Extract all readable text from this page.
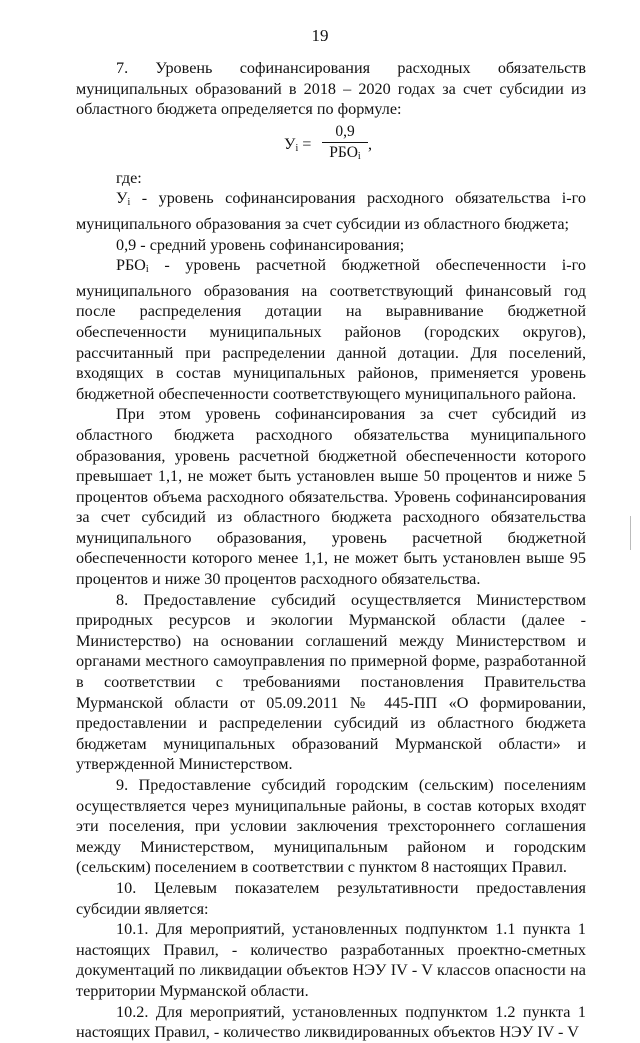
19

7. Уровень софинансирования расходных обязательств муниципальных образований в 2018 – 2020 годах за счет субсидии из областного бюджета определяется по формуле:

$У_i$ =
0,9
$РБО_i$
,

где:

$У_i$ - уровень софинансирования расходного обязательства i-го муниципального образования за счет субсидии из областного бюджета;

0,9 - средний уровень софинансирования;

$РБО_i$ - уровень расчетной бюджетной обеспеченности i-го муниципального образования на соответствующий финансовый год после распределения дотации на выравнивание бюджетной обеспеченности муниципальных районов (городских округов), рассчитанный при распределении данной дотации. Для поселений, входящих в состав муниципальных районов, применяется уровень бюджетной обеспеченности соответствующего муниципального района.

При этом уровень софинансирования за счет субсидий из областного бюджета расходного обязательства муниципального образования, уровень расчетной бюджетной обеспеченности которого превышает 1,1, не может быть установлен выше 50 процентов и ниже 5 процентов объема расходного обязательства. Уровень софинансирования за счет субсидий из областного бюджета расходного обязательства муниципального образования, уровень расчетной бюджетной обеспеченности которого менее 1,1, не может быть установлен выше 95 процентов и ниже 30 процентов расходного обязательства.

8. Предоставление субсидий осуществляется Министерством природных ресурсов и экологии Мурманской области (далее - Министерство) на основании соглашений между Министерством и органами местного самоуправления по примерной форме, разработанной в соответствии с требованиями постановления Правительства Мурманской области от 05.09.2011 № 445-ПП «О формировании, предоставлении и распределении субсидий из областного бюджета бюджетам муниципальных образований Мурманской области» и утвержденной Министерством.

9. Предоставление субсидий городским (сельским) поселениям осуществляется через муниципальные районы, в состав которых входят эти поселения, при условии заключения трехстороннего соглашения между Министерством, муниципальным районом и городским (сельским) поселением в соответствии с пунктом 8 настоящих Правил.

10. Целевым показателем результативности предоставления субсидии является:

10.1. Для мероприятий, установленных подпунктом 1.1 пункта 1 настоящих Правил, - количество разработанных проектно-сметных документаций по ликвидации объектов НЭУ IV - V классов опасности на территории Мурманской области.

10.2. Для мероприятий, установленных подпунктом 1.2 пункта 1 настоящих Правил, - количество ликвидированных объектов НЭУ IV - V
